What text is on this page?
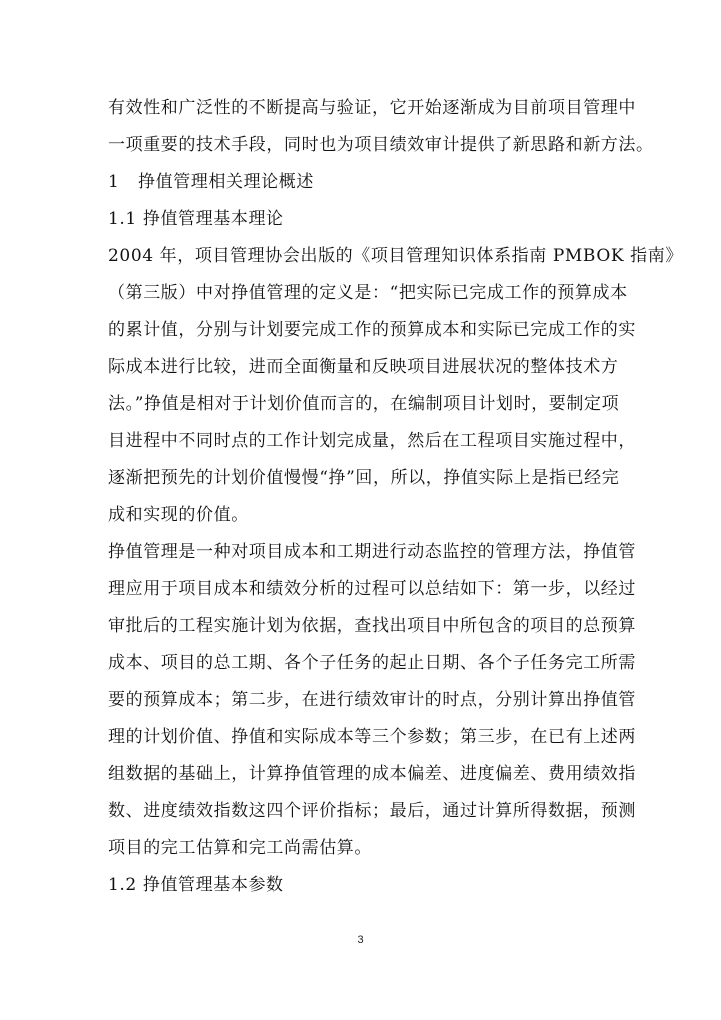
有效性和广泛性的不断提高与验证，它开始逐渐成为目前项目管理中
一项重要的技术手段，同时也为项目绩效审计提供了新思路和新方法。
1 挣值管理相关理论概述
1.1 挣值管理基本理论
2004 年，项目管理协会出版的《项目管理知识体系指南 PMBOK 指南》
（第三版）中对挣值管理的定义是：“把实际已完成工作的预算成本
的累计值，分别与计划要完成工作的预算成本和实际已完成工作的实
际成本进行比较，进而全面衡量和反映项目进展状况的整体技术方
法。”挣值是相对于计划价值而言的，在编制项目计划时，要制定项
目进程中不同时点的工作计划完成量，然后在工程项目实施过程中，
逐渐把预先的计划价值慢慢“挣”回，所以，挣值实际上是指已经完
成和实现的价值。
挣值管理是一种对项目成本和工期进行动态监控的管理方法，挣值管
理应用于项目成本和绩效分析的过程可以总结如下：第一步，以经过
审批后的工程实施计划为依据，查找出项目中所包含的项目的总预算
成本、项目的总工期、各个子任务的起止日期、各个子任务完工所需
要的预算成本；第二步，在进行绩效审计的时点，分别计算出挣值管
理的计划价值、挣值和实际成本等三个参数；第三步，在已有上述两
组数据的基础上，计算挣值管理的成本偏差、进度偏差、费用绩效指
数、进度绩效指数这四个评价指标；最后，通过计算所得数据，预测
项目的完工估算和完工尚需估算。
1.2 挣值管理基本参数
3
